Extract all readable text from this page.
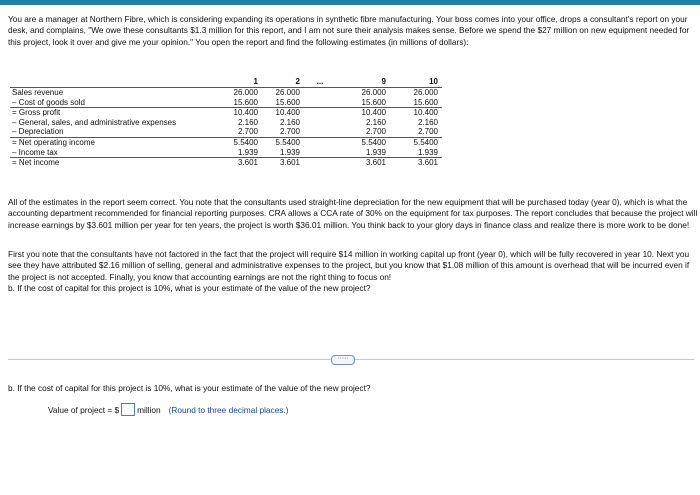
You are a manager at Northern Fibre, which is considering expanding its operations in synthetic fibre manufacturing. Your boss comes into your office, drops a consultant's report on your desk, and complains, "We owe these consultants $1.3 million for this report, and I am not sure their analysis makes sense. Before we spend the $27 million on new equipment needed for this project, look it over and give me your opinion." You open the report and find the following estimates (in millions of dollars):

	1	2	...	9	10
Sales revenue	26.000	26.000		26.000	26.000
– Cost of goods sold	15.600	15.600		15.600	15.600
= Gross profit	10.400	10.400		10.400	10.400
– General, sales, and administrative expenses	2.160	2.160		2.160	2.160
– Depreciation	2.700	2.700		2.700	2.700
= Net operating income	5.5400	5.5400		5.5400	5.5400
– Income tax	1.939	1.939		1.939	1.939
= Net income	3.601	3.601		3.601	3.601
All of the estimates in the report seem correct. You note that the consultants used straight-line depreciation for the new equipment that will be purchased today (year 0), which is what the accounting department recommended for financial reporting purposes. CRA allows a CCA rate of 30% on the equipment for tax purposes. The report concludes that because the project will increase earnings by $3.601 million per year for ten years, the project is worth $36.01 million. You think back to your glory days in finance class and realize there is more work to be done!
First you note that the consultants have not factored in the fact that the project will require $14 million in working capital up front (year 0), which will be fully recovered in year 10. Next you see they have attributed $2.16 million of selling, general and administrative expenses to the project, but you know that $1.08 million of this amount is overhead that will be incurred even if the project is not accepted. Finally, you know that accounting earnings are not the right thing to focus on!
b. If the cost of capital for this project is 10%, what is your estimate of the value of the new project?
·····
b. If the cost of capital for this project is 10%, what is your estimate of the value of the new project?
Value of project = $ million (Round to three decimal places.)
